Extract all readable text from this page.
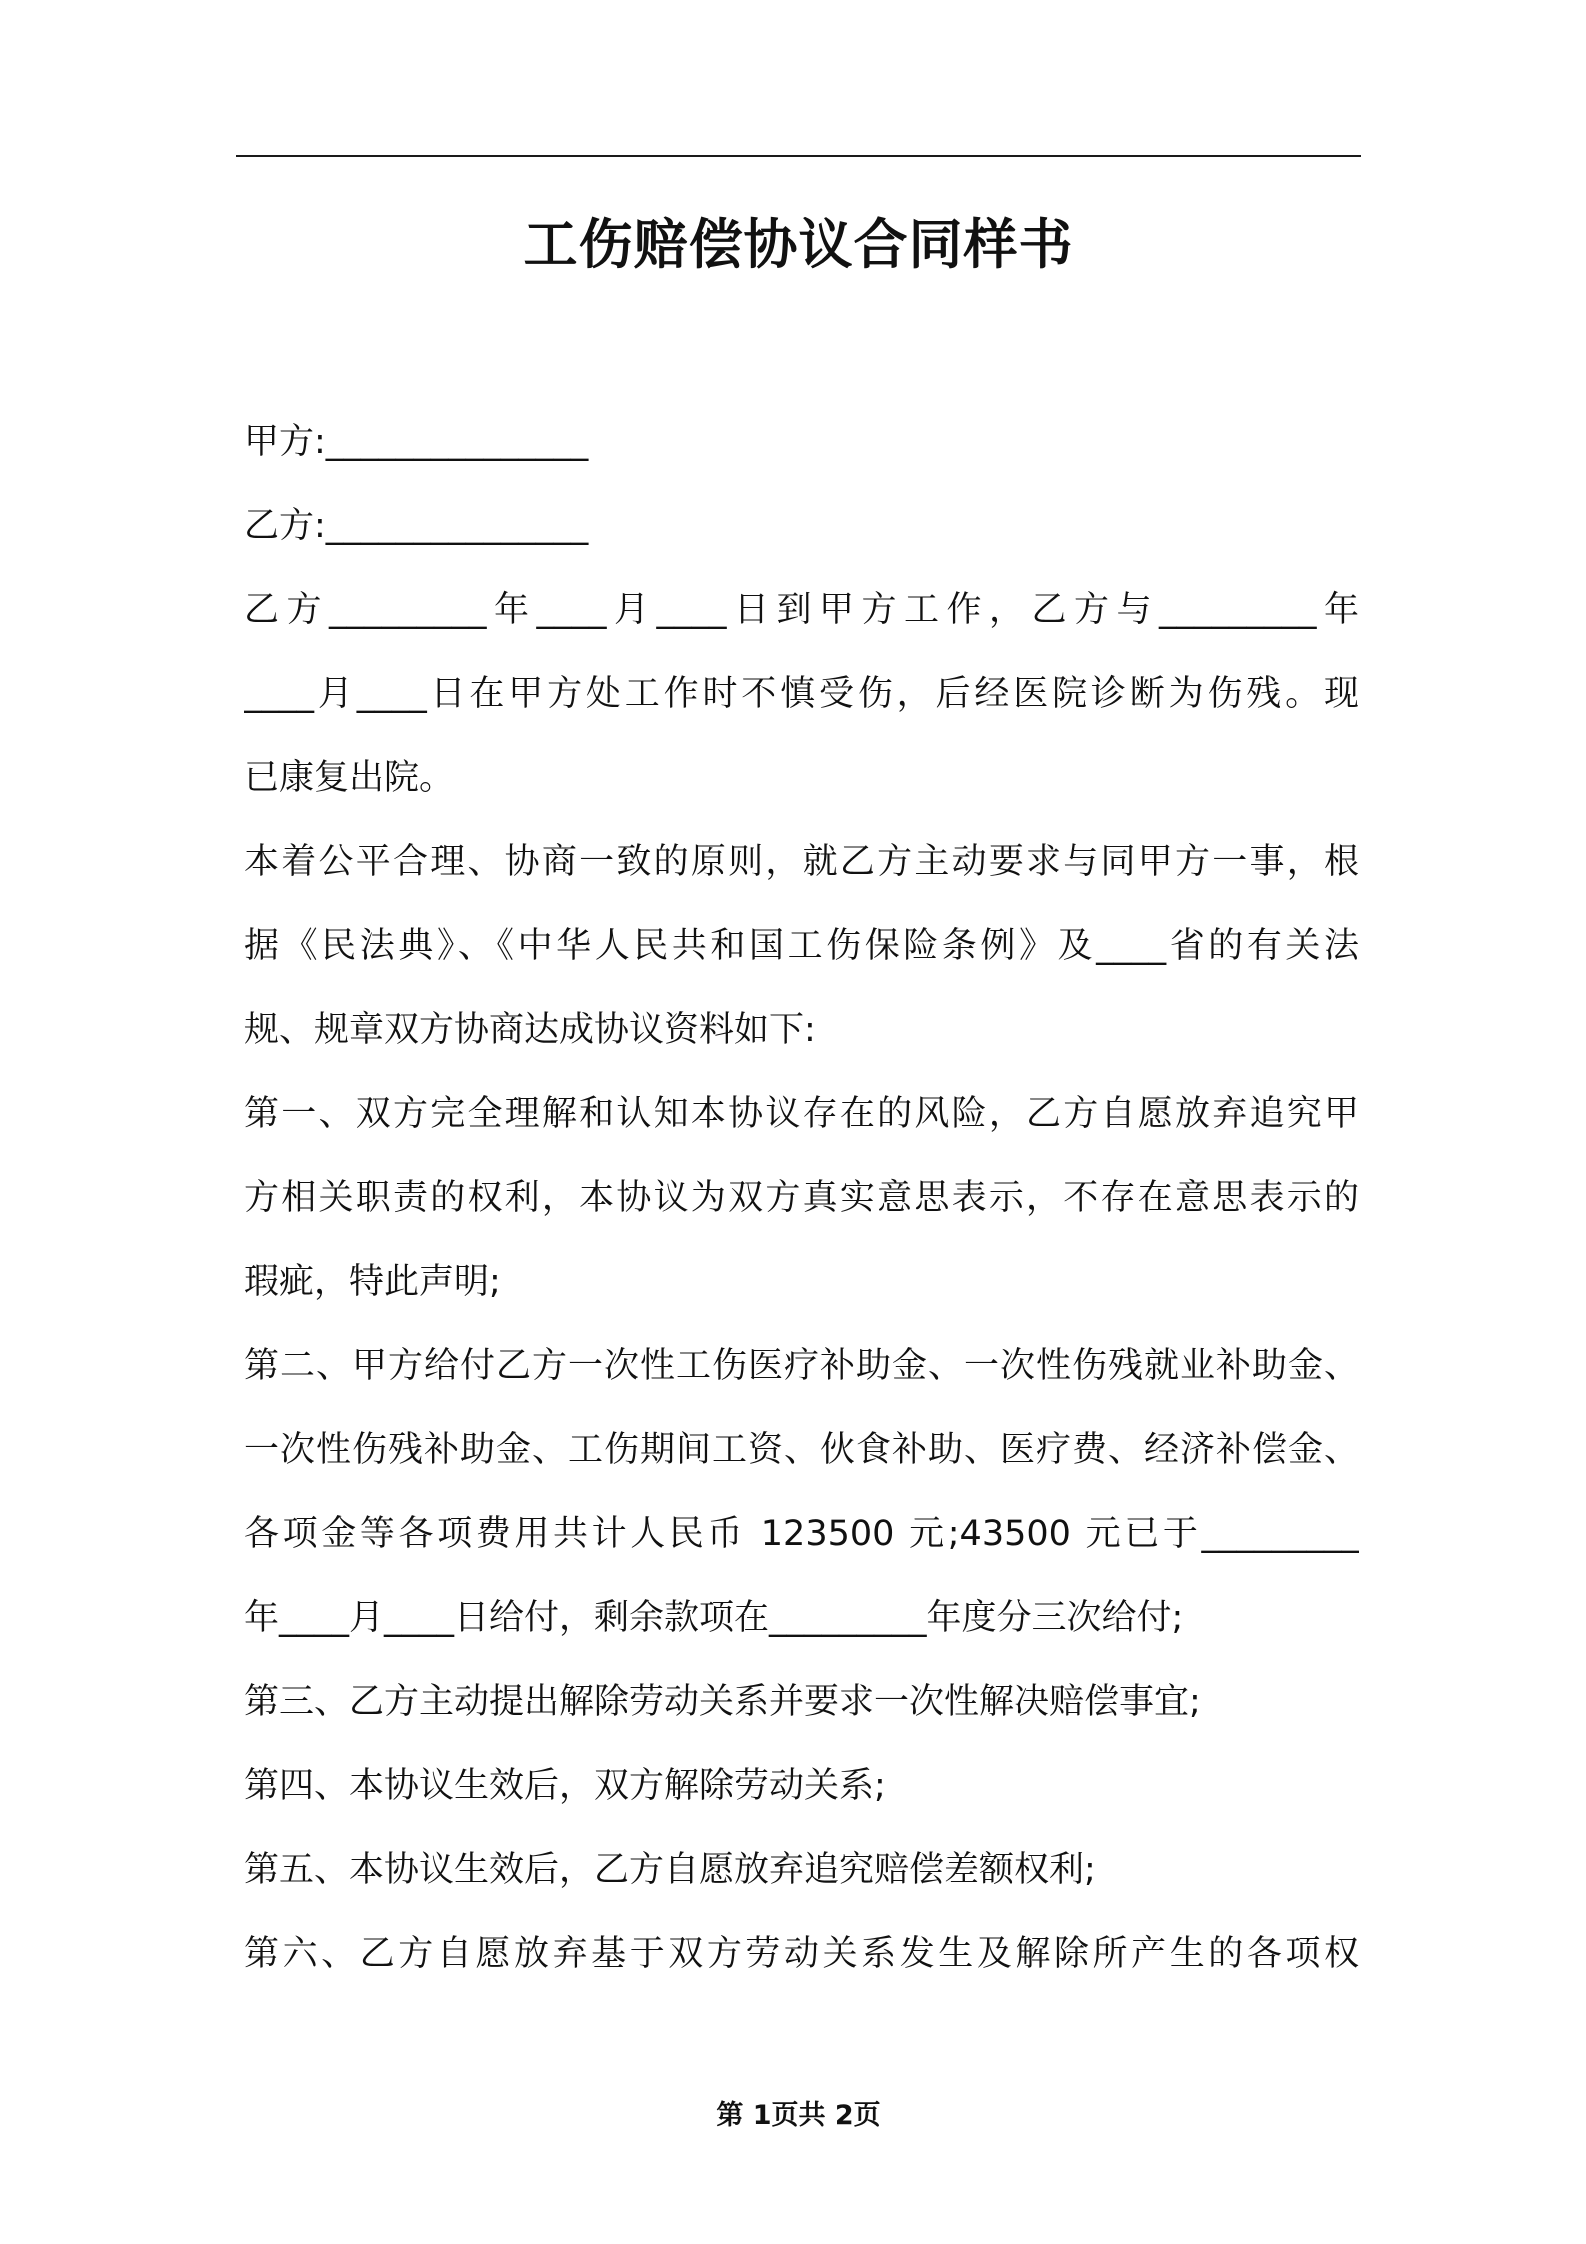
工伤赔偿协议合同样书
甲方:_______________
乙方:_______________
乙方_________年____月____日到甲方工作，乙方与_________年
____月____日在甲方处工作时不慎受伤，后经医院诊断为伤残。现
已康复出院。
本着公平合理、协商一致的原则，就乙方主动要求与同甲方一事，根
据《民法典》、《中华人民共和国工伤保险条例》及____省的有关法
规、规章双方协商达成协议资料如下:
第一、双方完全理解和认知本协议存在的风险，乙方自愿放弃追究甲
方相关职责的权利，本协议为双方真实意思表示，不存在意思表示的
瑕疵，特此声明;
第二、甲方给付乙方一次性工伤医疗补助金、一次性伤残就业补助金、
一次性伤残补助金、工伤期间工资、伙食补助、医疗费、经济补偿金、
各项金等各项费用共计人民币 123500 元;43500 元已于_________
年____月____日给付，剩余款项在_________年度分三次给付;
第三、乙方主动提出解除劳动关系并要求一次性解决赔偿事宜;
第四、本协议生效后，双方解除劳动关系;
第五、本协议生效后，乙方自愿放弃追究赔偿差额权利;
第六、乙方自愿放弃基于双方劳动关系发生及解除所产生的各项权
第 1页共 2页
